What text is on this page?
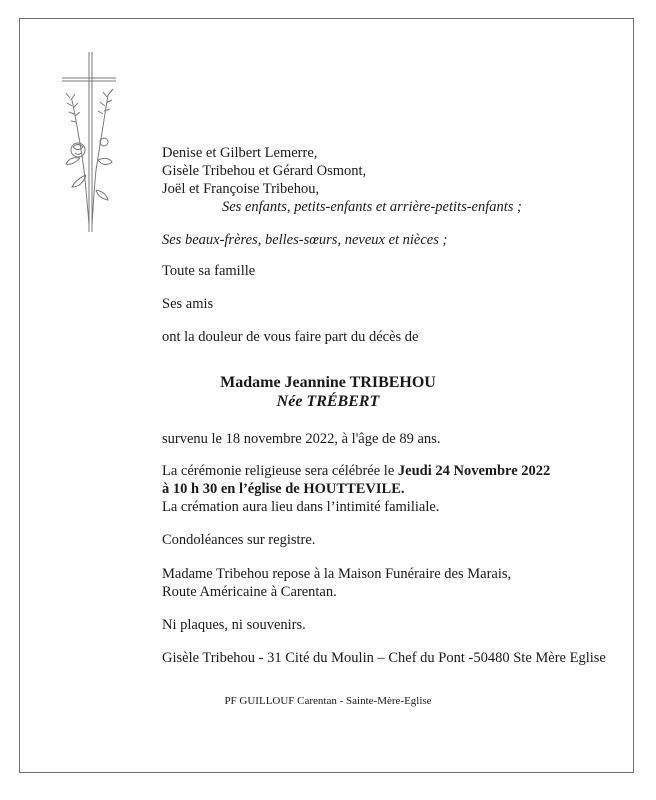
Denise et Gilbert Lemerre,
Gisèle Tribehou et Gérard Osmont,
Joël et Françoise Tribehou,
Ses enfants, petits-enfants et arrière-petits-enfants ;
Ses beaux-frères, belles-sœurs, neveux et nièces ;
Toute sa famille
Ses amis
ont la douleur de vous faire part du décès de
Madame Jeannine TRIBEHOU
Née TRÉBERT
survenu le 18 novembre 2022, à l'âge de 89 ans.
La cérémonie religieuse sera célébrée le Jeudi 24 Novembre 2022
à 10 h 30 en l’église de HOUTTEVILE.
La crémation aura lieu dans l’intimité familiale.
Condoléances sur registre.
Madame Tribehou repose à la Maison Funéraire des Marais,
Route Américaine à Carentan.
Ni plaques, ni souvenirs.
Gisèle Tribehou - 31 Cité du Moulin – Chef du Pont -50480 Ste Mère Eglise
PF GUILLOUF Carentan - Sainte-Mère-Eglise
